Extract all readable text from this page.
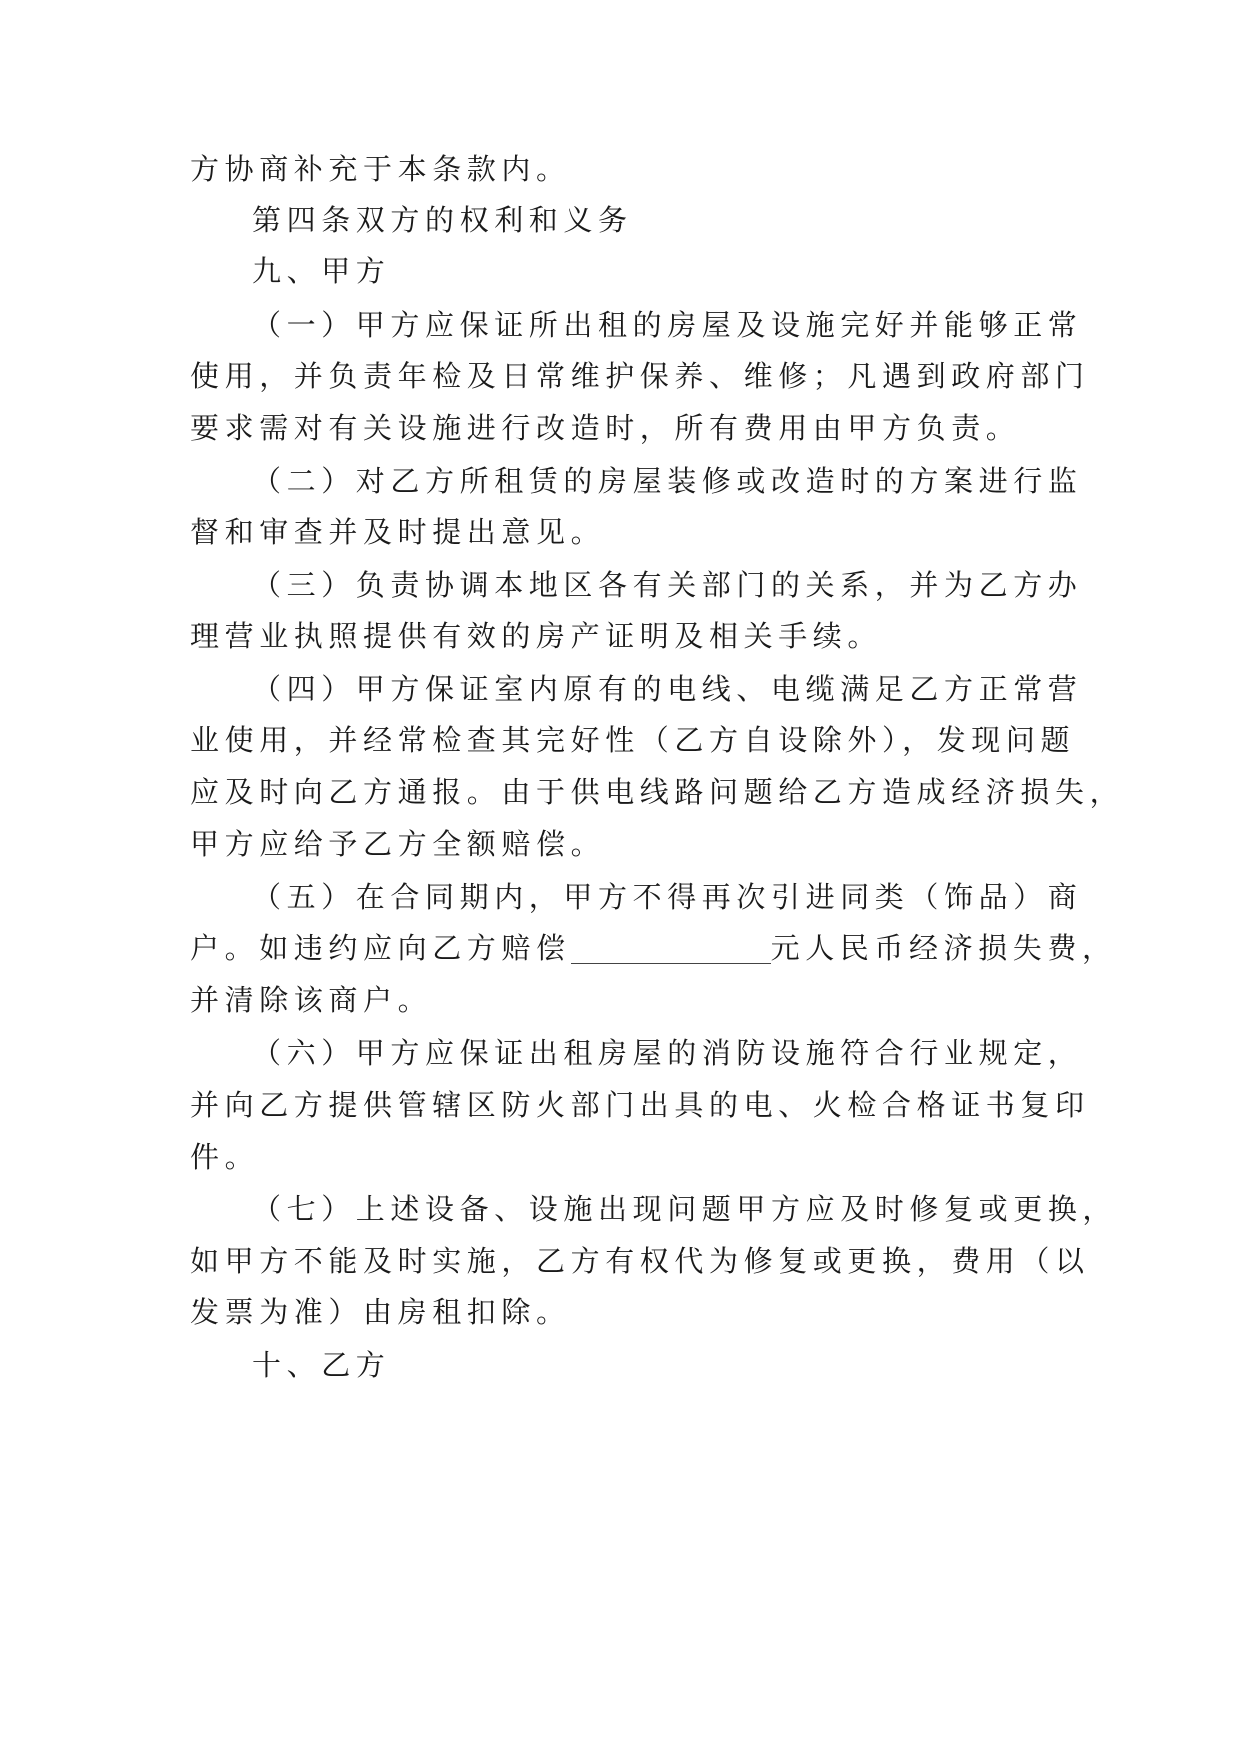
方协商补充于本条款内。
第四条双方的权利和义务
九、甲方
（一）甲方应保证所出租的房屋及设施完好并能够正常
使用，并负责年检及日常维护保养、维修；凡遇到政府部门
要求需对有关设施进行改造时，所有费用由甲方负责。
（二）对乙方所租赁的房屋装修或改造时的方案进行监
督和审查并及时提出意见。
（三）负责协调本地区各有关部门的关系，并为乙方办
理营业执照提供有效的房产证明及相关手续。
（四）甲方保证室内原有的电线、电缆满足乙方正常营
业使用，并经常检查其完好性（乙方自设除外），发现问题
应及时向乙方通报。由于供电线路问题给乙方造成经济损失，
甲方应给予乙方全额赔偿。
（五）在合同期内，甲方不得再次引进同类（饰品）商
户。如违约应向乙方赔偿	元人民币经济损失费，
并清除该商户。
（六）甲方应保证出租房屋的消防设施符合行业规定，
并向乙方提供管辖区防火部门出具的电、火检合格证书复印
件。
（七）上述设备、设施出现问题甲方应及时修复或更换，
如甲方不能及时实施，乙方有权代为修复或更换，费用（以
发票为准）由房租扣除。
十、乙方
